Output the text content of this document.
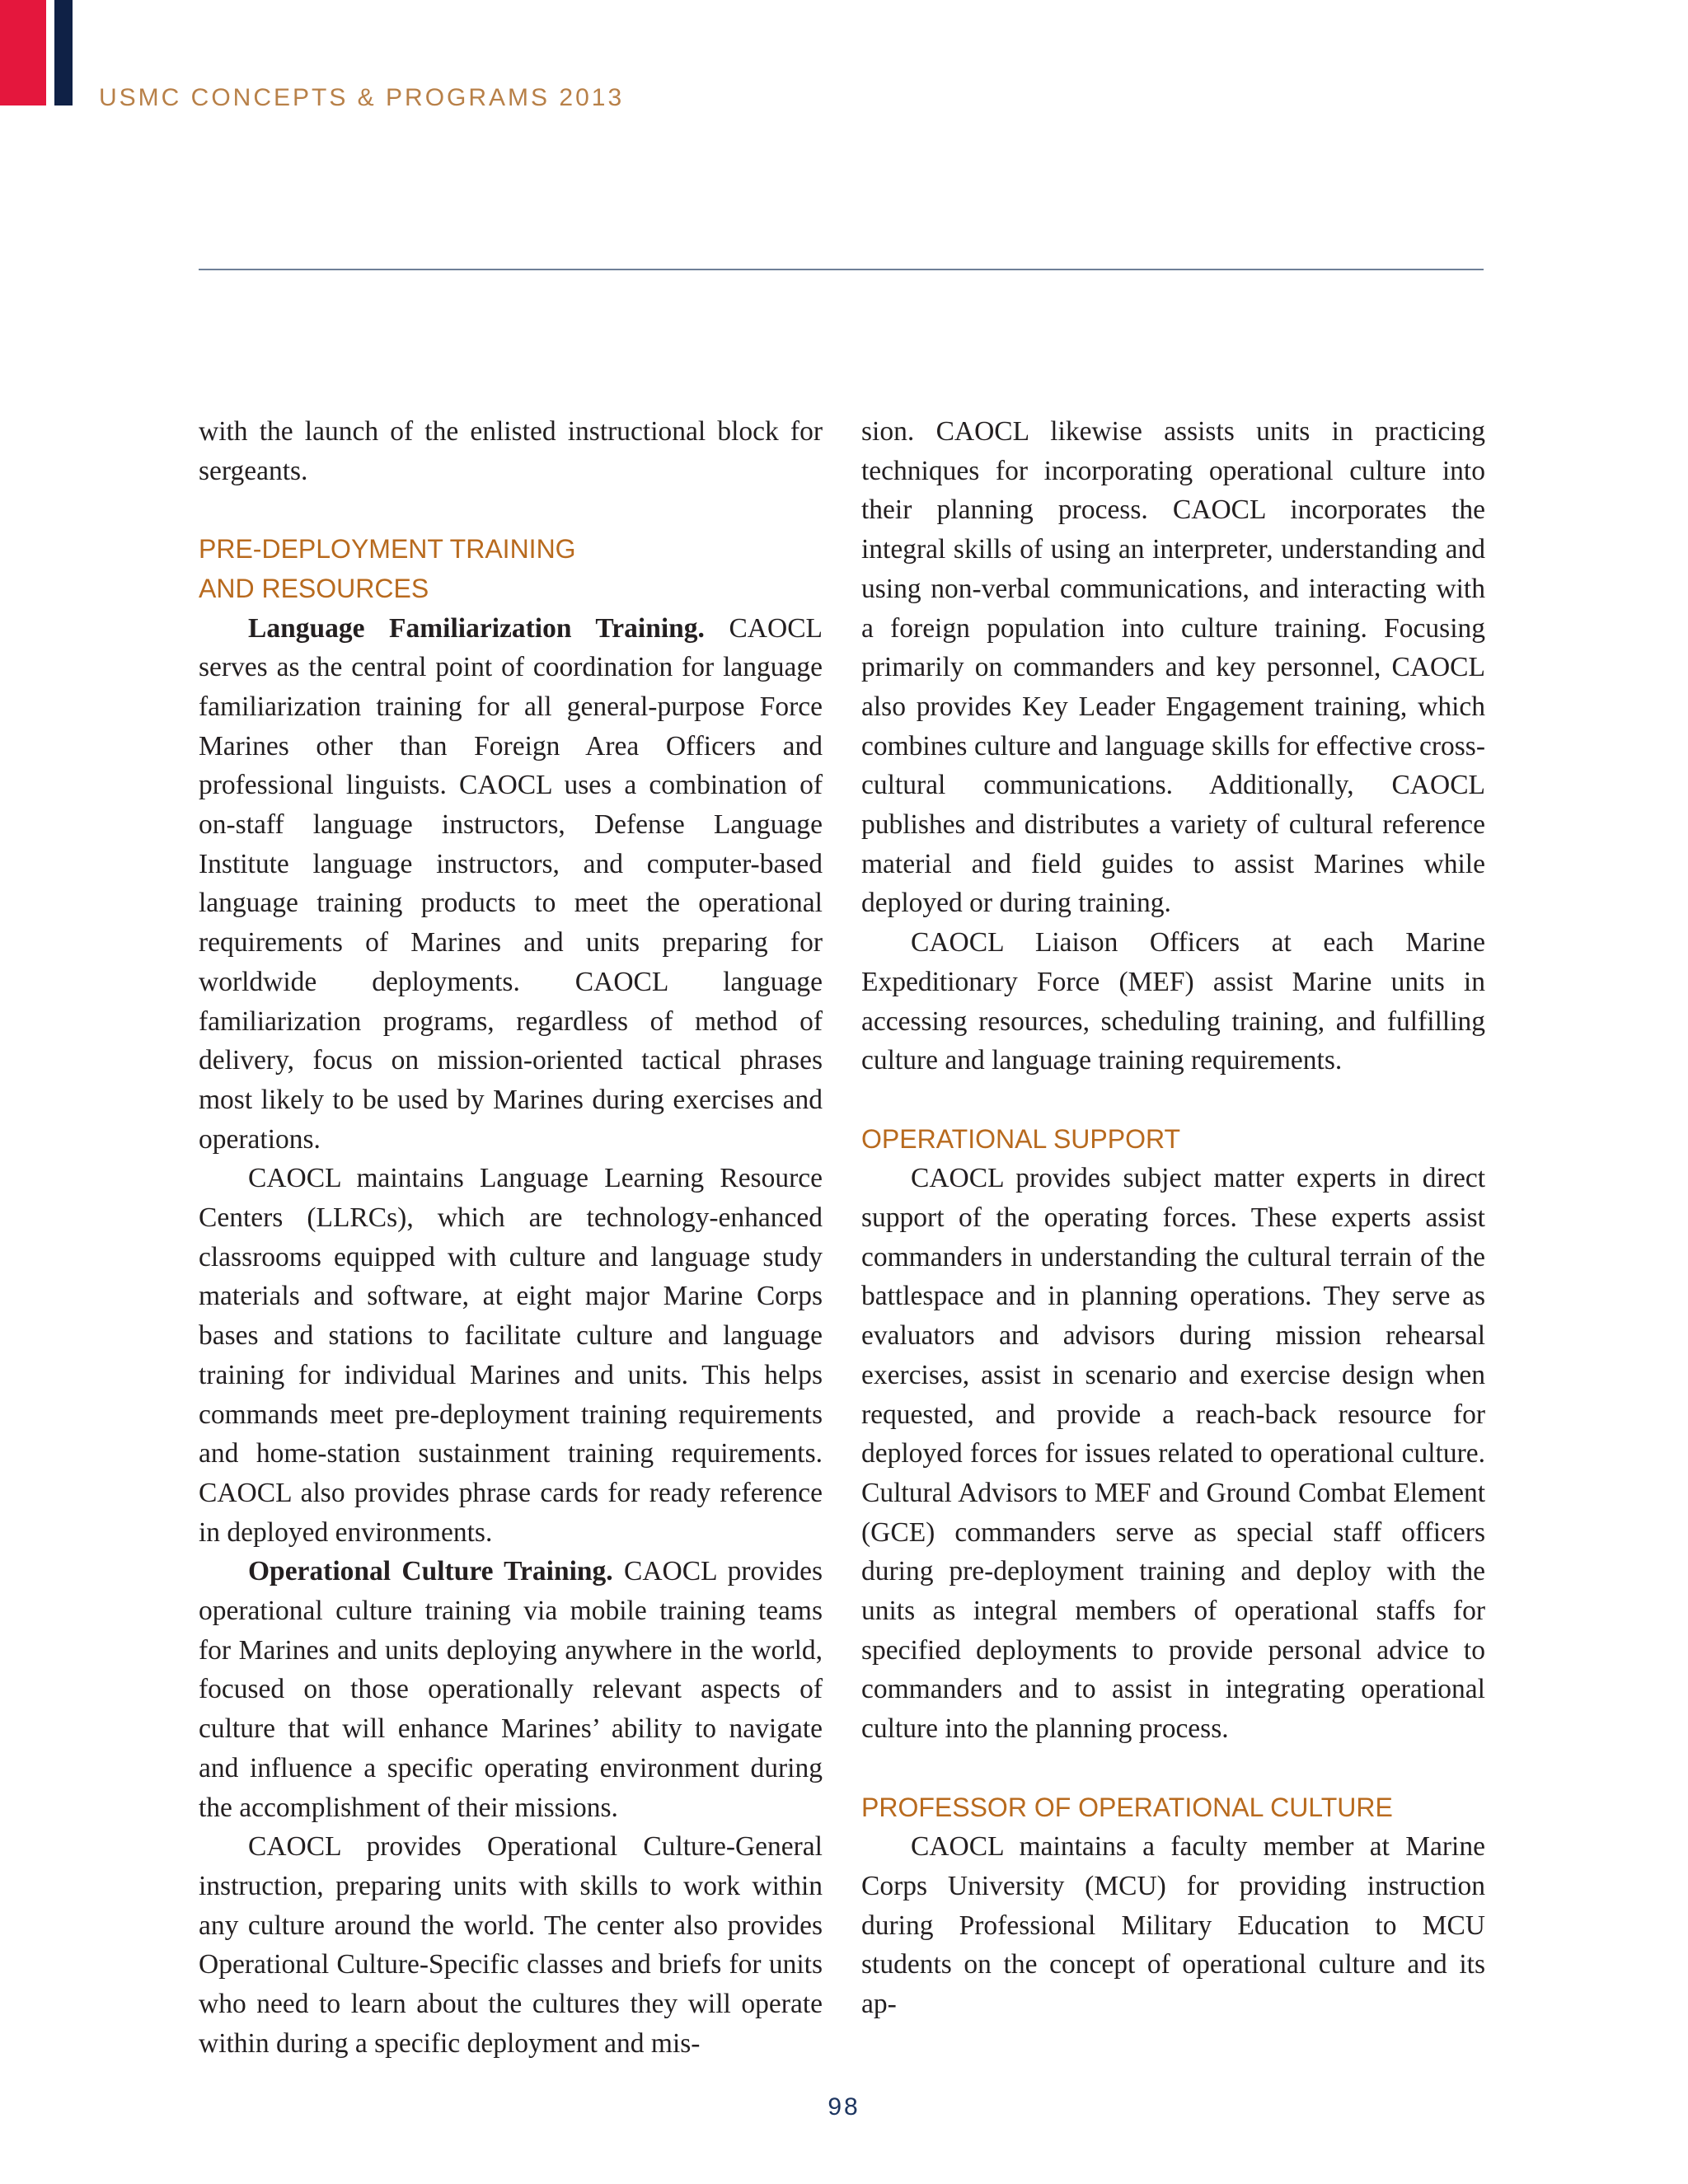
USMC CONCEPTS & PROGRAMS 2013

with the launch of the enlisted instructional block for sergeants.

PRE-DEPLOYMENT TRAINING
AND RESOURCES

Language Familiarization Training. CAOCL serves as the central point of coordination for language familiarization training for all general-purpose Force Marines other than Foreign Area Officers and professional linguists. CAOCL uses a combination of on-staff language instructors, Defense Language Institute language instructors, and computer-based language training products to meet the operational requirements of Marines and units preparing for worldwide deployments. CAOCL language familiarization programs, regardless of method of delivery, focus on mission-oriented tactical phrases most likely to be used by Marines during exercises and operations.

CAOCL maintains Language Learning Resource Centers (LLRCs), which are technology-enhanced classrooms equipped with culture and language study materials and software, at eight major Marine Corps bases and stations to facilitate culture and language training for individual Marines and units. This helps commands meet pre-deployment training requirements and home-station sustainment training requirements. CAOCL also provides phrase cards for ready reference in deployed environments.

Operational Culture Training. CAOCL provides operational culture training via mobile training teams for Marines and units deploying anywhere in the world, focused on those operationally relevant aspects of culture that will enhance Marines’ ability to navigate and influence a specific operating environment during the accomplishment of their missions.

CAOCL provides Operational Culture-General instruction, preparing units with skills to work within any culture around the world. The center also provides Operational Culture-Specific classes and briefs for units who need to learn about the cultures they will operate within during a specific deployment and mis-

sion. CAOCL likewise assists units in practicing techniques for incorporating operational culture into their planning process. CAOCL incorporates the integral skills of using an interpreter, understanding and using non-verbal communications, and interacting with a foreign population into culture training. Focusing primarily on commanders and key personnel, CAOCL also provides Key Leader Engagement training, which combines culture and language skills for effective cross-cultural communications. Additionally, CAOCL publishes and distributes a variety of cultural reference material and field guides to assist Marines while deployed or during training.

CAOCL Liaison Officers at each Marine Expeditionary Force (MEF) assist Marine units in accessing resources, scheduling training, and fulfilling culture and language training requirements.

OPERATIONAL SUPPORT

CAOCL provides subject matter experts in direct support of the operating forces. These experts assist commanders in understanding the cultural terrain of the battlespace and in planning operations. They serve as evaluators and advisors during mission rehearsal exercises, assist in scenario and exercise design when requested, and provide a reach-back resource for deployed forces for issues related to operational culture. Cultural Advisors to MEF and Ground Combat Element (GCE) commanders serve as special staff officers during pre-deployment training and deploy with the units as integral members of operational staffs for specified deployments to provide personal advice to commanders and to assist in integrating operational culture into the planning process.

PROFESSOR OF OPERATIONAL CULTURE

CAOCL maintains a faculty member at Marine Corps University (MCU) for providing instruction during Professional Military Education to MCU students on the concept of operational culture and its ap-

98
